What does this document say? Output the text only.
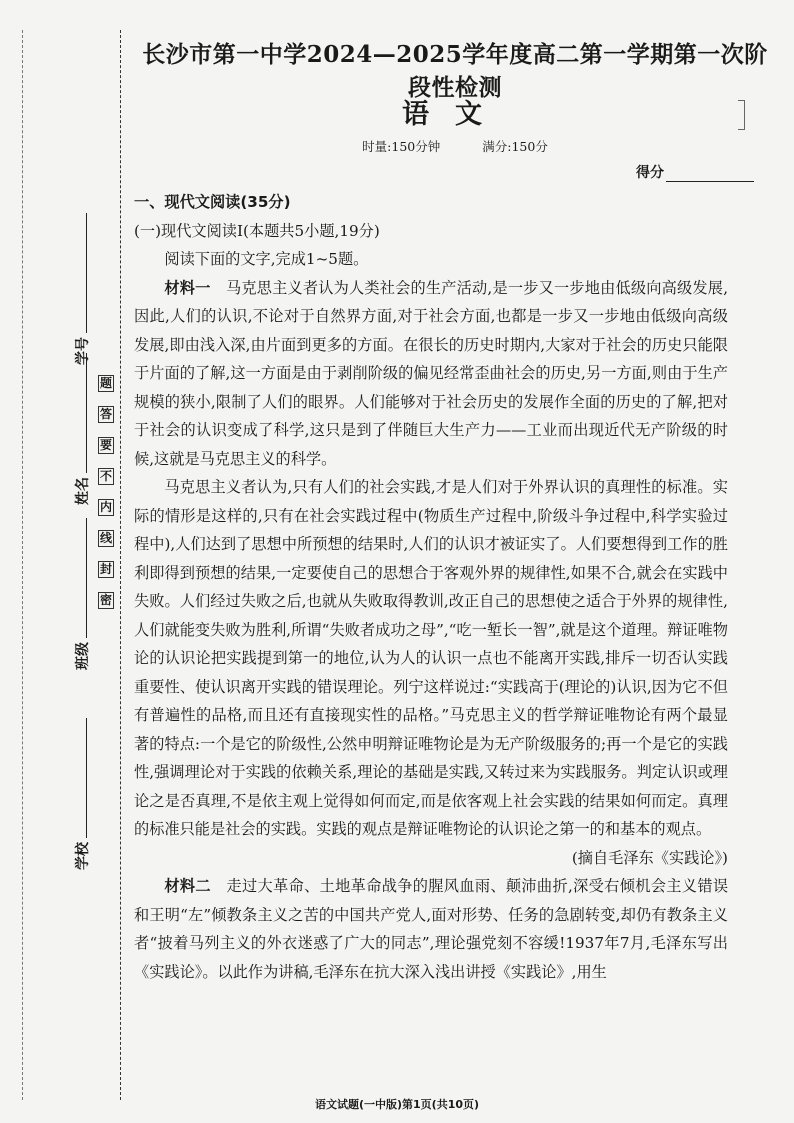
学校
班级
姓名
学号
题
答
要
不
内
线
封
密
长沙市第一中学2024—2025学年度高二第一学期第一次阶段性检测
语文
时量:150分钟	满分:150分
得分

一、现代文阅读(35分)

(一)现代文阅读Ⅰ(本题共5小题,19分)

阅读下面的文字,完成1~5题。

材料一　 马克思主义者认为人类社会的生产活动,是一步又一步地由低级向高级发展,因此,人们的认识,不论对于自然界方面,对于社会方面,也都是一步又一步地由低级向高级发展,即由浅入深,由片面到更多的方面。在很长的历史时期内,大家对于社会的历史只能限于片面的了解,这一方面是由于剥削阶级的偏见经常歪曲社会的历史,另一方面,则由于生产规模的狭小,限制了人们的眼界。人们能够对于社会历史的发展作全面的历史的了解,把对于社会的认识变成了科学,这只是到了伴随巨大生产力——工业而出现近代无产阶级的时候,这就是马克思主义的科学。

马克思主义者认为,只有人们的社会实践,才是人们对于外界认识的真理性的标准。实际的情形是这样的,只有在社会实践过程中(物质生产过程中,阶级斗争过程中,科学实验过程中),人们达到了思想中所预想的结果时,人们的认识才被证实了。人们要想得到工作的胜利即得到预想的结果,一定要使自己的思想合于客观外界的规律性,如果不合,就会在实践中失败。人们经过失败之后,也就从失败取得教训,改正自己的思想使之适合于外界的规律性,人们就能变失败为胜利,所谓“失败者成功之母”,“吃一堑长一智”,就是这个道理。辩证唯物论的认识论把实践提到第一的地位,认为人的认识一点也不能离开实践,排斥一切否认实践重要性、使认识离开实践的错误理论。列宁这样说过:“实践高于(理论的)认识,因为它不但有普遍性的品格,而且还有直接现实性的品格。”马克思主义的哲学辩证唯物论有两个最显著的特点:一个是它的阶级性,公然申明辩证唯物论是为无产阶级服务的;再一个是它的实践性,强调理论对于实践的依赖关系,理论的基础是实践,又转过来为实践服务。判定认识或理论之是否真理,不是依主观上觉得如何而定,而是依客观上社会实践的结果如何而定。真理的标准只能是社会的实践。实践的观点是辩证唯物论的认识论之第一的和基本的观点。

(摘自毛泽东《实践论》)

材料二　 走过大革命、土地革命战争的腥风血雨、颠沛曲折,深受右倾机会主义错误和王明“左”倾教条主义之苦的中国共产党人,面对形势、任务的急剧转变,却仍有教条主义者“披着马列主义的外衣迷惑了广大的同志”,理论强党刻不容缓!1937年7月,毛泽东写出《实践论》。以此作为讲稿,毛泽东在抗大深入浅出讲授《实践论》,用生

语文试题(一中版)第1页(共10页)
